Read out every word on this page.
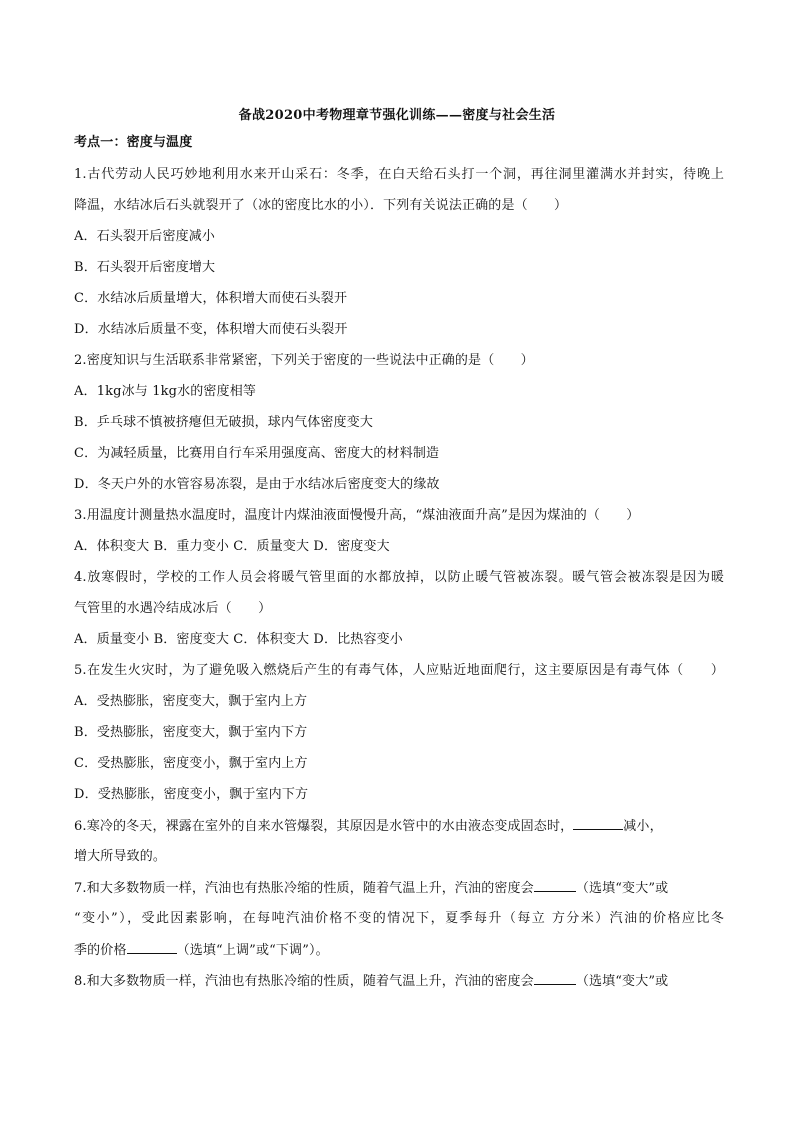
备战2020中考物理章节强化训练——密度与社会生活
考点一：密度与温度
1.古代劳动人民巧妙地利用水来开山采石：冬季，在白天给石头打一个洞，再往洞里灌满水并封实，待晚上
降温，水结冰后石头就裂开了（冰的密度比水的小）．下列有关说法正确的是（　　）
A．石头裂开后密度减小
B．石头裂开后密度增大
C．水结冰后质量增大，体积增大而使石头裂开
D．水结冰后质量不变，体积增大而使石头裂开
2.密度知识与生活联系非常紧密，下列关于密度的一些说法中正确的是（　　）
A．1kg冰与 1kg水的密度相等
B．乒乓球不慎被挤瘪但无破损，球内气体密度变大
C．为减轻质量，比赛用自行车采用强度高、密度大的材料制造
D．冬天户外的水管容易冻裂，是由于水结冰后密度变大的缘故
3.用温度计测量热水温度时，温度计内煤油液面慢慢升高，“煤油液面升高”是因为煤油的（　　）
A．体积变大 B．重力变小 C．质量变大 D．密度变大
4.放寒假时，学校的工作人员会将暖气管里面的水都放掉，以防止暖气管被冻裂。暖气管会被冻裂是因为暖
气管里的水遇冷结成冰后（　　）
A．质量变小 B．密度变大 C．体积变大 D．比热容变小
5.在发生火灾时，为了避免吸入燃烧后产生的有毒气体，人应贴近地面爬行，这主要原因是有毒气体（　　）
A．受热膨胀，密度变大，飘于室内上方
B．受热膨胀，密度变大，飘于室内下方
C．受热膨胀，密度变小，飘于室内上方
D．受热膨胀，密度变小，飘于室内下方
6.寒冷的冬天，裸露在室外的自来水管爆裂，其原因是水管中的水由液态变成固态时，	减小，
增大所导致的。
7.和大多数物质一样，汽油也有热胀冷缩的性质，随着气温上升，汽油的密度会	（选填“变大”或
“变小”），受此因素影响，在每吨汽油价格不变的情况下，夏季每升（每立 方分米）汽油的价格应比冬
季的价格	（选填“上调”或“下调”）。
8.和大多数物质一样，汽油也有热胀冷缩的性质，随着气温上升，汽油的密度会	（选填“变大”或
